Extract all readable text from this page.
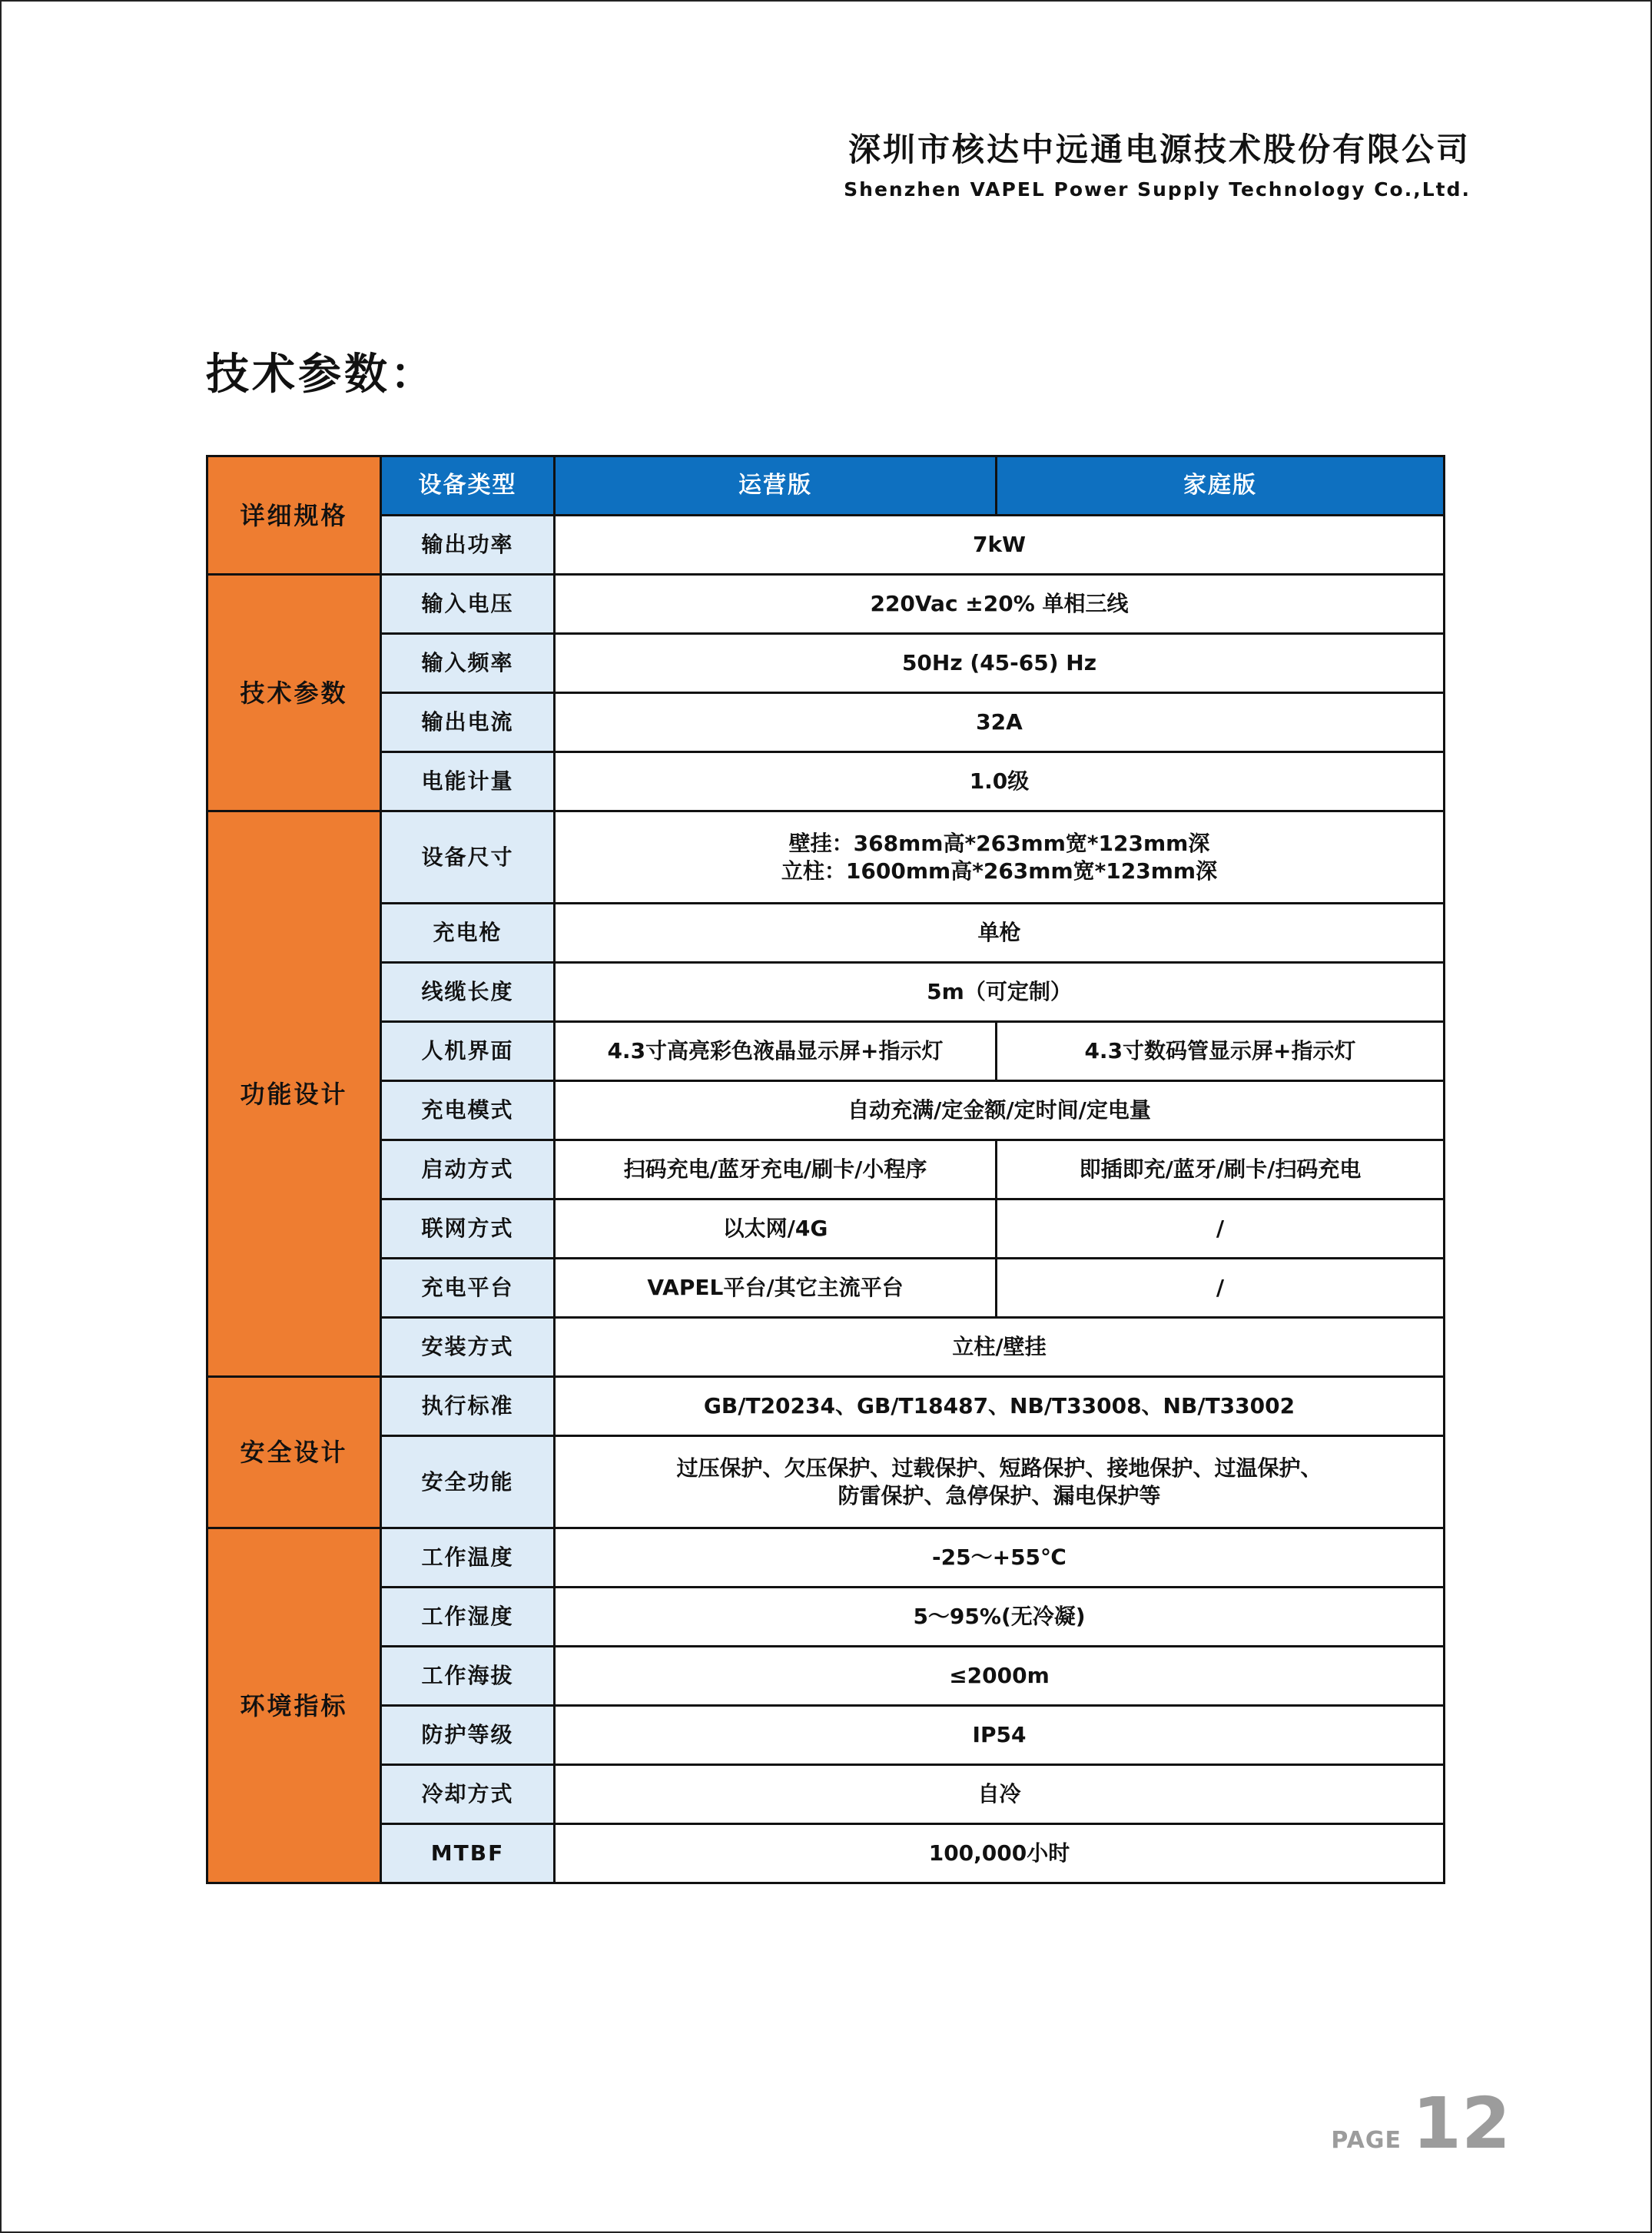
深圳市核达中远通电源技术股份有限公司
Shenzhen VAPEL Power Supply Technology Co.,Ltd.
技术参数：
详细规格	设备类型	运营版	家庭版
	输出功率	7kW	
技术参数	输入电压	220Vac ±20% 单相三线	
	输入频率	50Hz (45-65) Hz	
	输出电流	32A	
	电能计量	1.0级	
功能设计	设备尺寸	壁挂：368mm高*263mm宽*123mm深
立柱：1600mm高*263mm宽*123mm深	

	充电枪	单枪	
	线缆长度	5m（可定制）	
	人机界面	4.3寸高亮彩色液晶显示屏+指示灯	4.3寸数码管显示屏+指示灯
	充电模式	自动充满/定金额/定时间/定电量	
	启动方式	扫码充电/蓝牙充电/刷卡/小程序	即插即充/蓝牙/刷卡/扫码充电
	联网方式	以太网/4G	/
	充电平台	VAPEL平台/其它主流平台	/
	安装方式	立柱/壁挂	
安全设计	执行标准	GB/T20234、GB/T18487、NB/T33008、NB/T33002	
	安全功能	过压保护、欠压保护、过载保护、短路保护、接地保护、过温保护、
防雷保护、急停保护、漏电保护等	

环境指标	工作温度	-25～+55℃	
	工作湿度	5～95%(无冷凝)	
	工作海拔	≤2000m	
	防护等级	IP54	
	冷却方式	自冷	
	MTBF	100,000小时	
PAGE 12
